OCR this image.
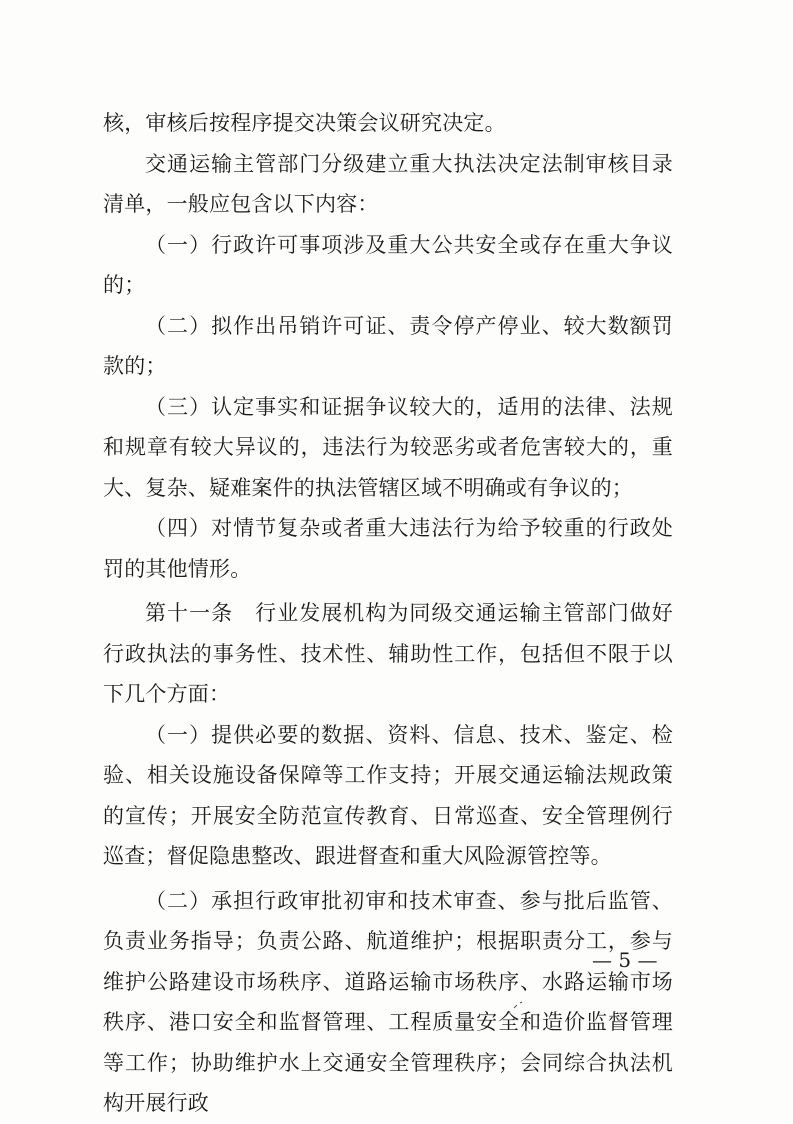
核，审核后按程序提交决策会议研究决定。

交通运输主管部门分级建立重大执法决定法制审核目录清单，一般应包含以下内容：

（一）行政许可事项涉及重大公共安全或存在重大争议的；

（二）拟作出吊销许可证、责令停产停业、较大数额罚款的；

（三）认定事实和证据争议较大的，适用的法律、法规和规章有较大异议的，违法行为较恶劣或者危害较大的，重大、复杂、疑难案件的执法管辖区域不明确或有争议的；

（四）对情节复杂或者重大违法行为给予较重的行政处罚的其他情形。

第十一条　行业发展机构为同级交通运输主管部门做好行政执法的事务性、技术性、辅助性工作，包括但不限于以下几个方面：

（一）提供必要的数据、资料、信息、技术、鉴定、检验、相关设施设备保障等工作支持；开展交通运输法规政策的宣传；开展安全防范宣传教育、日常巡查、安全管理例行巡查；督促隐患整改、跟进督查和重大风险源管控等。

（二）承担行政审批初审和技术审查、参与批后监管、负责业务指导；负责公路、航道维护；根据职责分工，参与维护公路建设市场秩序、道路运输市场秩序、水路运输市场秩序、港口安全和监督管理、工程质量安全和造价监督管理等工作；协助维护水上交通安全管理秩序；会同综合执法机构开展行政

— 5 —
